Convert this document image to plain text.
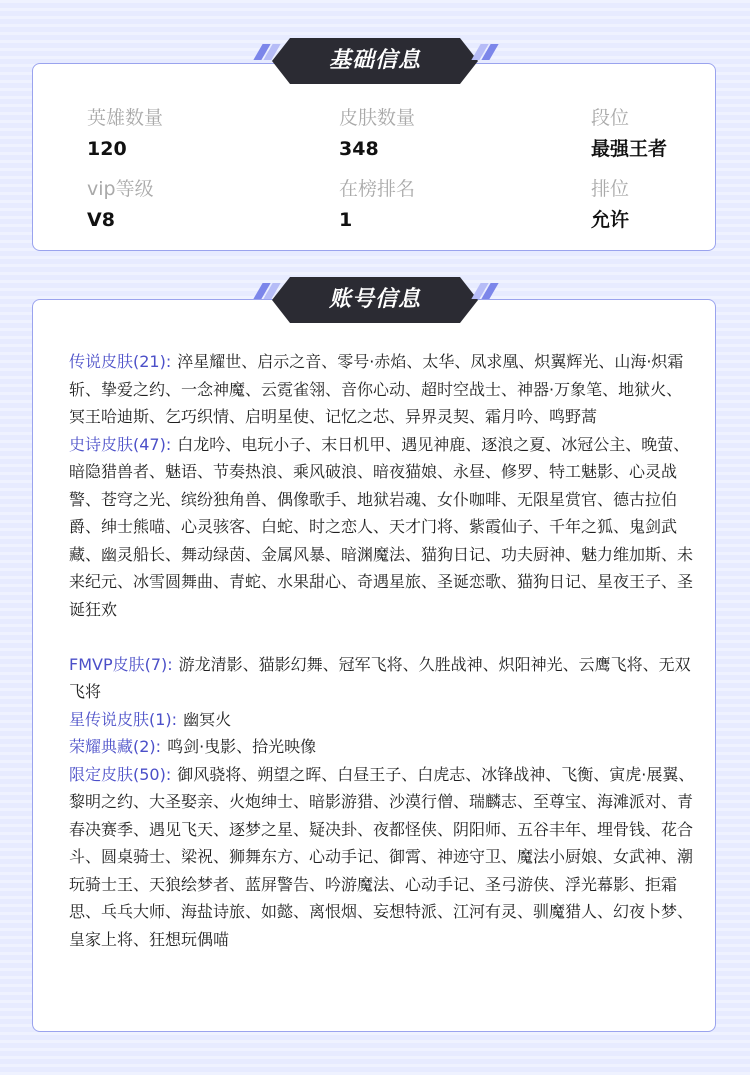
英雄数量
120
皮肤数量
348
段位
最强王者
vip等级
V8
在榜排名
1
排位
允许
基础信息

传说皮肤(21): 淬星耀世、启示之音、零号·赤焰、太华、凤求凰、炽翼辉光、山海·炽霜斩、挚爱之约、一念神魔、云霓雀翎、音你心动、超时空战士、神器·万象笔、地狱火、冥王哈迪斯、乞巧织情、启明星使、记忆之芯、异界灵契、霜月吟、鸣野蒿

史诗皮肤(47): 白龙吟、电玩小子、末日机甲、遇见神鹿、逐浪之夏、冰冠公主、晚萤、暗隐猎兽者、魅语、节奏热浪、乘风破浪、暗夜猫娘、永昼、修罗、特工魅影、心灵战警、苍穹之光、缤纷独角兽、偶像歌手、地狱岩魂、女仆咖啡、无限星赏官、德古拉伯爵、绅士熊喵、心灵骇客、白蛇、时之恋人、天才门将、紫霞仙子、千年之狐、鬼剑武藏、幽灵船长、舞动绿茵、金属风暴、暗渊魔法、猫狗日记、功夫厨神、魅力维加斯、未来纪元、冰雪圆舞曲、青蛇、水果甜心、奇遇星旅、圣诞恋歌、猫狗日记、星夜王子、圣诞狂欢

FMVP皮肤(7): 游龙清影、猫影幻舞、冠军飞将、久胜战神、炽阳神光、云鹰飞将、无双飞将

星传说皮肤(1): 幽冥火

荣耀典藏(2): 鸣剑·曳影、拾光映像

限定皮肤(50): 御风骁将、朔望之晖、白昼王子、白虎志、冰锋战神、飞衡、寅虎·展翼、黎明之约、大圣娶亲、火炮绅士、暗影游猎、沙漠行僧、瑞麟志、至尊宝、海滩派对、青春决赛季、遇见飞天、逐梦之星、疑决卦、夜都怪侠、阴阳师、五谷丰年、埋骨钱、花合斗、圆桌骑士、梁祝、狮舞东方、心动手记、御霄、神迹守卫、魔法小厨娘、女武神、潮玩骑士王、天狼绘梦者、蓝屏警告、吟游魔法、心动手记、圣弓游侠、浮光幕影、拒霜思、乓乓大师、海盐诗旅、如懿、离恨烟、妄想特派、江河有灵、驯魔猎人、幻夜卜梦、皇家上将、狂想玩偶喵

账号信息
